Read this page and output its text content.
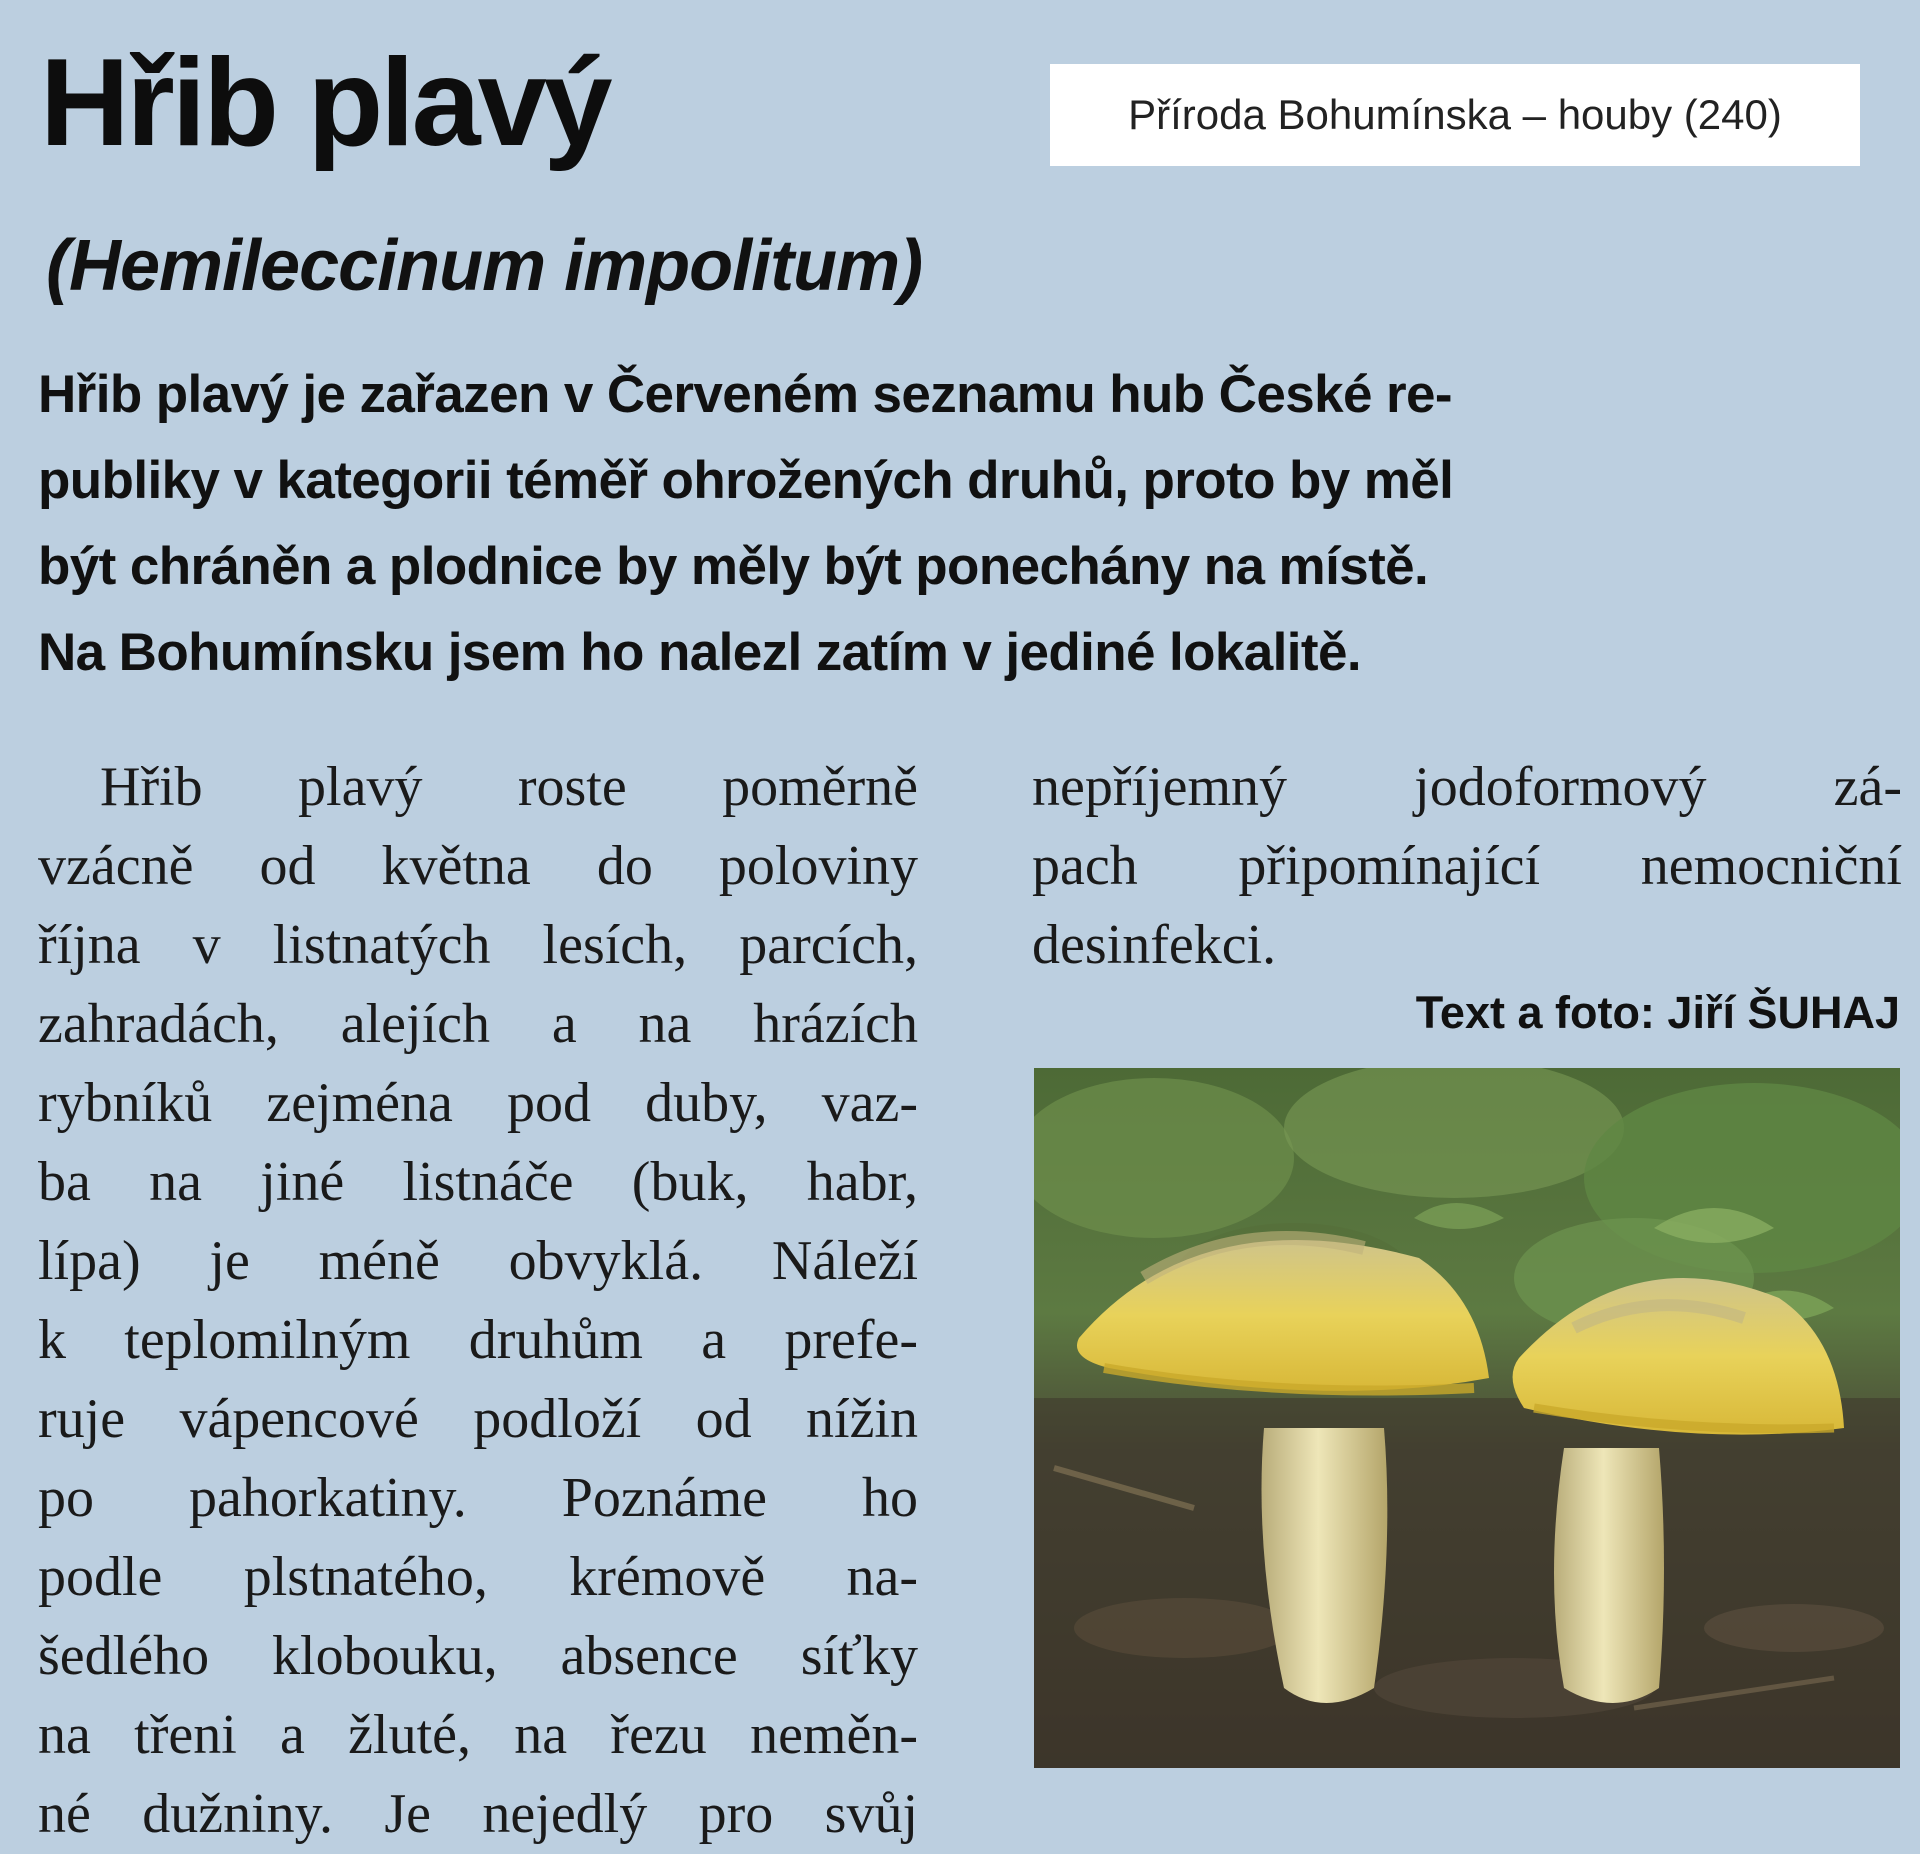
Hřib plavý	Příroda Bohumínska – houby (240)
(Hemileccinum impolitum)

Hřib plavý je zařazen v Červeném seznamu hub České re-
publiky v kategorii téměř ohrožených druhů, proto by měl
být chráněn a plodnice by měly být ponechány na místě.
Na Bohumínsku jsem ho nalezl zatím v jediné lokalitě.

Hřib plavý roste poměrně
vzácně od května do poloviny
října v listnatých lesích, parcích,
zahradách, alejích a na hrázích
rybníků zejména pod duby, vaz-
ba na jiné listnáče (buk, habr,
lípa) je méně obvyklá. Náleží
k teplomilným druhům a prefe-
ruje vápencové podloží od nížin
po pahorkatiny. Poznáme ho
podle plstnatého, krémově na-
šedlého klobouku, absence síťky
na třeni a žluté, na řezu neměn-
né dužniny. Je nejedlý pro svůj

nepříjemný jodoformový zá-
pach připomínající nemocniční
desinfekci.

Text a foto: Jiří ŠUHAJ
